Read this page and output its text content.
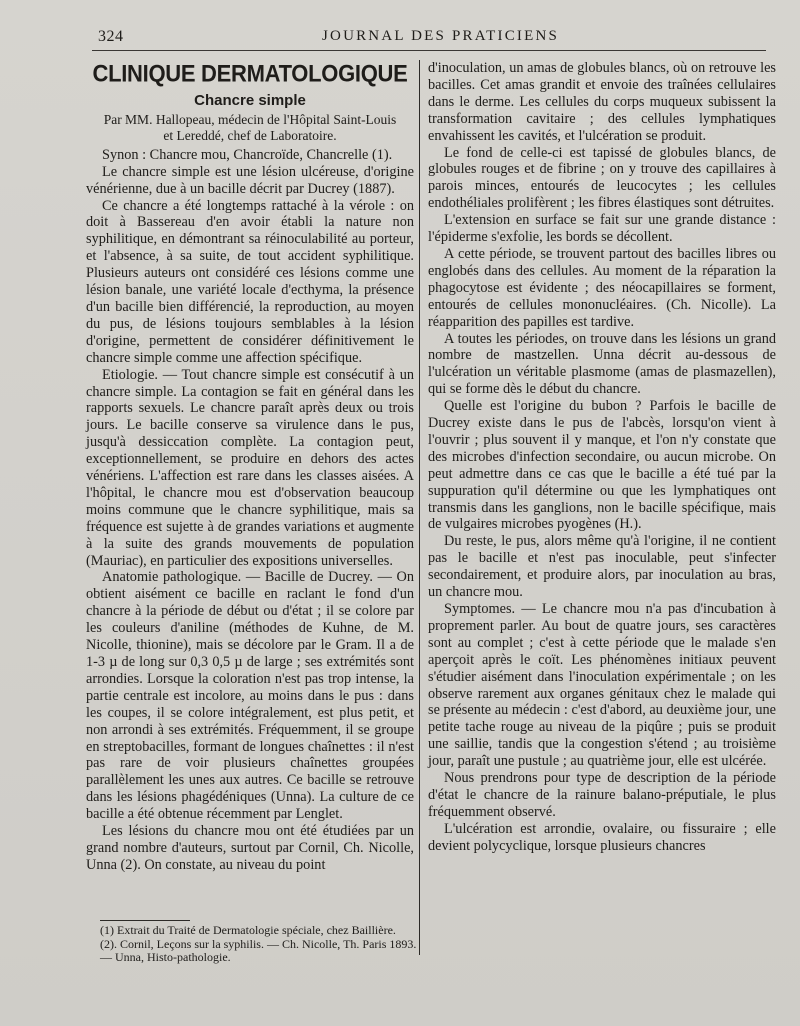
324	JOURNAL DES PRATICIENS
CLINIQUE DERMATOLOGIQUE
Chancre simple
Par MM. Hallopeau, médecin de l'Hôpital Saint-Louis
et Lereddé, chef de Laboratoire.

Synon : Chancre mou, Chancroïde, Chancrelle (1).

Le chancre simple est une lésion ulcéreuse, d'origine vénérienne, due à un bacille décrit par Ducrey (1887).

Ce chancre a été longtemps rattaché à la vérole : on doit à Bassereau d'en avoir établi la nature non syphilitique, en démontrant sa réinoculabilité au porteur, et l'absence, à sa suite, de tout accident syphilitique. Plusieurs auteurs ont considéré ces lésions comme une lésion banale, une variété locale d'ecthyma, la présence d'un bacille bien différencié, la reproduction, au moyen du pus, de lésions toujours semblables à la lésion d'origine, permettent de considérer définitivement le chancre simple comme une affection spécifique.

Etiologie. — Tout chancre simple est consécutif à un chancre simple. La contagion se fait en général dans les rapports sexuels. Le chancre paraît après deux ou trois jours. Le bacille conserve sa virulence dans le pus, jusqu'à dessiccation complète. La contagion peut, exceptionnellement, se produire en dehors des actes vénériens. L'affection est rare dans les classes aisées. A l'hôpital, le chancre mou est d'observation beaucoup moins commune que le chancre syphilitique, mais sa fréquence est sujette à de grandes variations et augmente à la suite des grands mouvements de population (Mauriac), en particulier des expositions universelles.

Anatomie pathologique. — Bacille de Ducrey. — On obtient aisément ce bacille en raclant le fond d'un chancre à la période de début ou d'état ; il se colore par les couleurs d'aniline (méthodes de Kuhne, de M. Nicolle, thionine), mais se décolore par le Gram. Il a de 1-3 µ de long sur 0,3 0,5 µ de large ; ses extrémités sont arrondies. Lorsque la coloration n'est pas trop intense, la partie centrale est incolore, au moins dans le pus : dans les coupes, il se colore intégralement, est plus petit, et non arrondi à ses extrémités. Fréquemment, il se groupe en streptobacilles, formant de longues chaînettes : il n'est pas rare de voir plusieurs chaînettes groupées parallèlement les unes aux autres. Ce bacille se retrouve dans les lésions phagédéniques (Unna). La culture de ce bacille a été obtenue récemment par Lenglet.

Les lésions du chancre mou ont été étudiées par un grand nombre d'auteurs, surtout par Cornil, Ch. Nicolle, Unna (2). On constate, au niveau du point

d'inoculation, un amas de globules blancs, où on retrouve les bacilles. Cet amas grandit et envoie des traînées cellulaires dans le derme. Les cellules du corps muqueux subissent la transformation cavitaire ; des cellules lymphatiques envahissent les cavités, et l'ulcération se produit.

Le fond de celle-ci est tapissé de globules blancs, de globules rouges et de fibrine ; on y trouve des capillaires à parois minces, entourés de leucocytes ; les cellules endothéliales prolifèrent ; les fibres élastiques sont détruites.

L'extension en surface se fait sur une grande distance : l'épiderme s'exfolie, les bords se décollent.

A cette période, se trouvent partout des bacilles libres ou englobés dans des cellules. Au moment de la réparation la phagocytose est évidente ; des néocapillaires se forment, entourés de cellules mononucléaires. (Ch. Nicolle). La réapparition des papilles est tardive.

A toutes les périodes, on trouve dans les lésions un grand nombre de mastzellen. Unna décrit au-dessous de l'ulcération un véritable plasmome (amas de plasmazellen), qui se forme dès le début du chancre.

Quelle est l'origine du bubon ? Parfois le bacille de Ducrey existe dans le pus de l'abcès, lorsqu'on vient à l'ouvrir ; plus souvent il y manque, et l'on n'y constate que des microbes d'infection secondaire, ou aucun microbe. On peut admettre dans ce cas que le bacille a été tué par la suppuration qu'il détermine ou que les lymphatiques ont transmis dans les ganglions, non le bacille spécifique, mais de vulgaires microbes pyogènes (H.).

Du reste, le pus, alors même qu'à l'origine, il ne contient pas le bacille et n'est pas inoculable, peut s'infecter secondairement, et produire alors, par inoculation au bras, un chancre mou.

Symptomes. — Le chancre mou n'a pas d'incubation à proprement parler. Au bout de quatre jours, ses caractères sont au complet ; c'est à cette période que le malade s'en aperçoit après le coït. Les phénomènes initiaux peuvent s'étudier aisément dans l'inoculation expérimentale ; on les observe rarement aux organes génitaux chez le malade qui se présente au médecin : c'est d'abord, au deuxième jour, une petite tache rouge au niveau de la piqûre ; puis se produit une saillie, tandis que la congestion s'étend ; au troisième jour, paraît une pustule ; au quatrième jour, elle est ulcérée.

Nous prendrons pour type de description de la période d'état le chancre de la rainure balano-préputiale, le plus fréquemment observé.

L'ulcération est arrondie, ovalaire, ou fissuraire ; elle devient polycyclique, lorsque plusieurs chancres

(1) Extrait du Traité de Dermatologie spéciale, chez Baillière.
(2). Cornil, Leçons sur la syphilis. — Ch. Nicolle, Th. Paris 1893. — Unna, Histo-pathologie.
